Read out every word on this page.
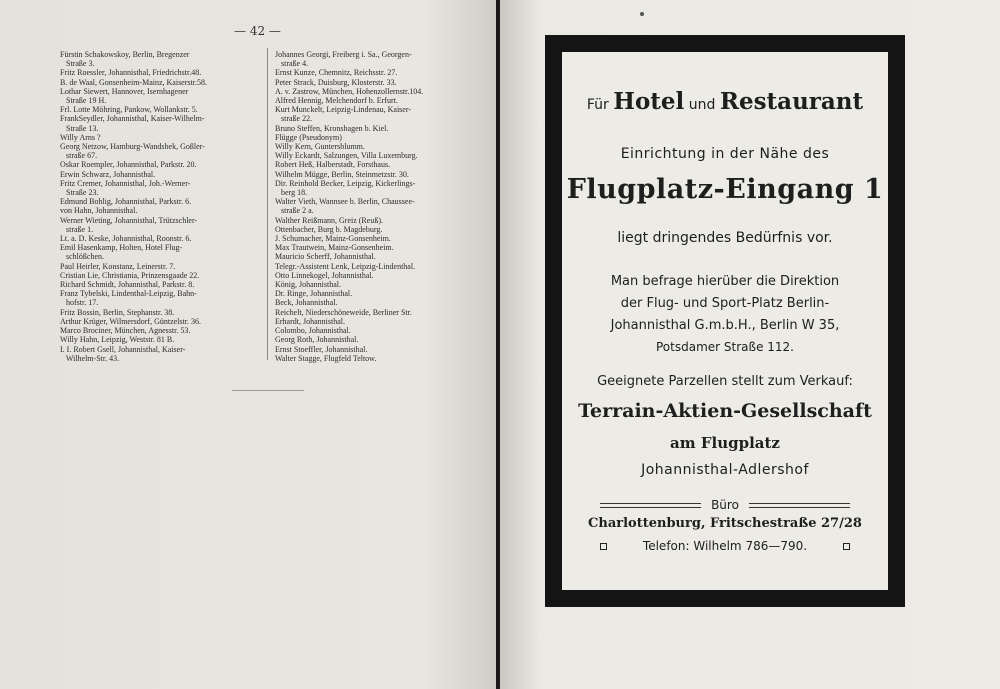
— 42 —

Fürstin Schakowskoy, Berlin, Bregenzer

Straße 3.

Fritz Roessler, Johannisthal, Friedrichstr.48.

B. de Waal, Gonsenheim-Mainz, Kaiserstr.58.

Lothar Siewert, Hannover, Isernhagener

Straße 19 H.

Frl. Lotte Möhring, Pankow, Wollankstr. 5.

FrankSeydler, Johannisthal, Kaiser-Wilhelm-

Straße 13.

Willy Arns ?

Georg Netzow, Hamburg-Wandsbek, Goßler-

straße 67.

Oskar Roempler, Johannisthal, Parkstr. 20.

Erwin Schwarz, Johannisthal.

Fritz Cremer, Johannisthal, Joh.-Werner-

Straße 23.

Edmund Bohlig, Johannisthal, Parkstr. 6.

von Hahn, Johannisthal.

Werner Wieting, Johannisthal, Trützschler-

straße 1.

Lt. a. D. Keske, Johannisthal, Roonstr. 6.

Emil Hasenkamp, Holten, Hotel Flug-

schlößchen.

Paul Heirler, Konstanz, Leinerstr. 7.

Cristian Lie, Christiania, Prinzensgaade 22.

Richard Schmidt, Johannisthal, Parkstr. 8.

Franz Tybelski, Lindenthal-Leipzig, Bahn-

hofstr. 17.

Fritz Bossin, Berlin, Stephanstr. 38.

Arthur Krüger, Wilmersdorf, Güntzelstr. 36.

Marco Brociner, München, Agnesstr. 53.

Willy Hahn, Leipzig, Weststr. 81 B.

I. I. Robert Gsell, Johannisthal, Kaiser-

Wilhelm-Str. 43.

Johannes Georgi, Freiberg i. Sa., Georgen-

straße 4.

Ernst Kunze, Chemnitz, Reichsstr. 27.

Peter Strack, Duisburg, Klosterstr. 33.

A. v. Zastrow, München, Hohenzollernstr.104.

Alfred Hennig, Melchendorf b. Erfurt.

Kurt Munckelt, Leipzig-Lindenau, Kaiser-

straße 22.

Bruno Steffen, Kronshagen b. Kiel.

Flügge (Pseudonym)

Willy Kern, Guntersblumm.

Willy Eckardt, Salzungen, Villa Luxemburg.

Robert Heß, Halberstadt, Forsthaus.

Wilhelm Mügge, Berlin, Steinmetzstr. 30.

Dir. Reinhold Becker, Leipzig, Kickerlings-

berg 18.

Walter Vieth, Wannsee b. Berlin, Chaussee-

straße 2 a.

Walther Reißmann, Greiz (Reuß).

Ottenbacher, Burg b. Magdeburg.

J. Schumacher, Mainz-Gonsenheim.

Max Trautwein, Mainz-Gonsenheim.

Mauricio Scherff, Johannisthal.

Telegr.-Assistent Lenk, Leipzig-Lindenthal.

Otto Linnekogel, Johannisthal.

König, Johannisthal.

Dr. Ringe, Johannisthal.

Beck, Johannisthal.

Reichelt, Niederschöneweide, Berliner Str.

Erhardt, Johannisthal.

Colombo, Johannisthal.

Georg Roth, Johannisthal.

Ernst Stoeffler, Johannisthal.

Walter Stagge, Flugfeld Teltow.

Für Hotel und Restaurant
Einrichtung in der Nähe des
Flugplatz-Eingang 1
liegt dringendes Bedürfnis vor.
Man befrage hierüber die Direktion
der Flug- und Sport-Platz Berlin-
Johannisthal G.m.b.H., Berlin W 35,
Potsdamer Straße 112.
Geeignete Parzellen stellt zum Verkauf:
Terrain-Aktien-Gesellschaft
am Flugplatz
Johannisthal-Adlershof
Büro
Charlottenburg, Fritschestraße 27/28
Telefon: Wilhelm 786—790.
